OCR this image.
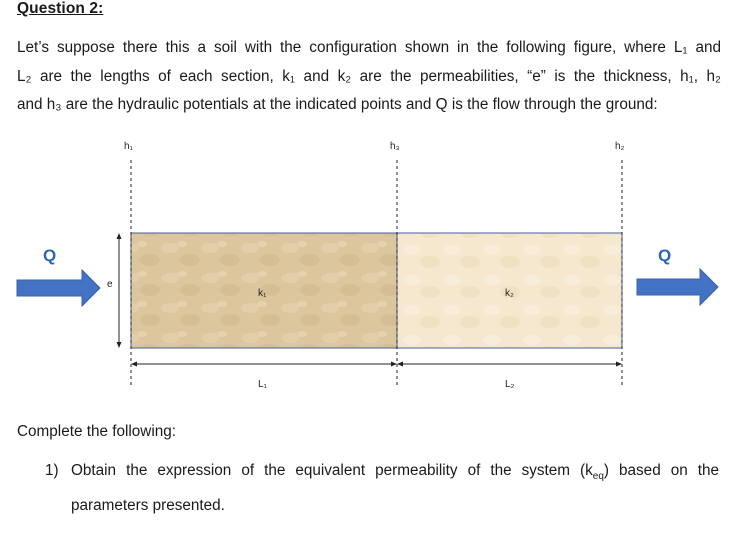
Question 2:
Let’s suppose there this a soil with the configuration shown in the following figure, where L₁ and
L₂ are the lengths of each section, k₁ and k₂ are the permeabilities, “e” is the thickness, h₁, h₂
and h₃ are the hydraulic potentials at the indicated points and Q is the flow through the ground:
h₁	h₃	h₂
Q	Q
e
k₁	k₂
L₁	L₂
Complete the following:
1) Obtain the expression of the equivalent permeability of the system $(k_{eq})$ based on the
parameters presented.
